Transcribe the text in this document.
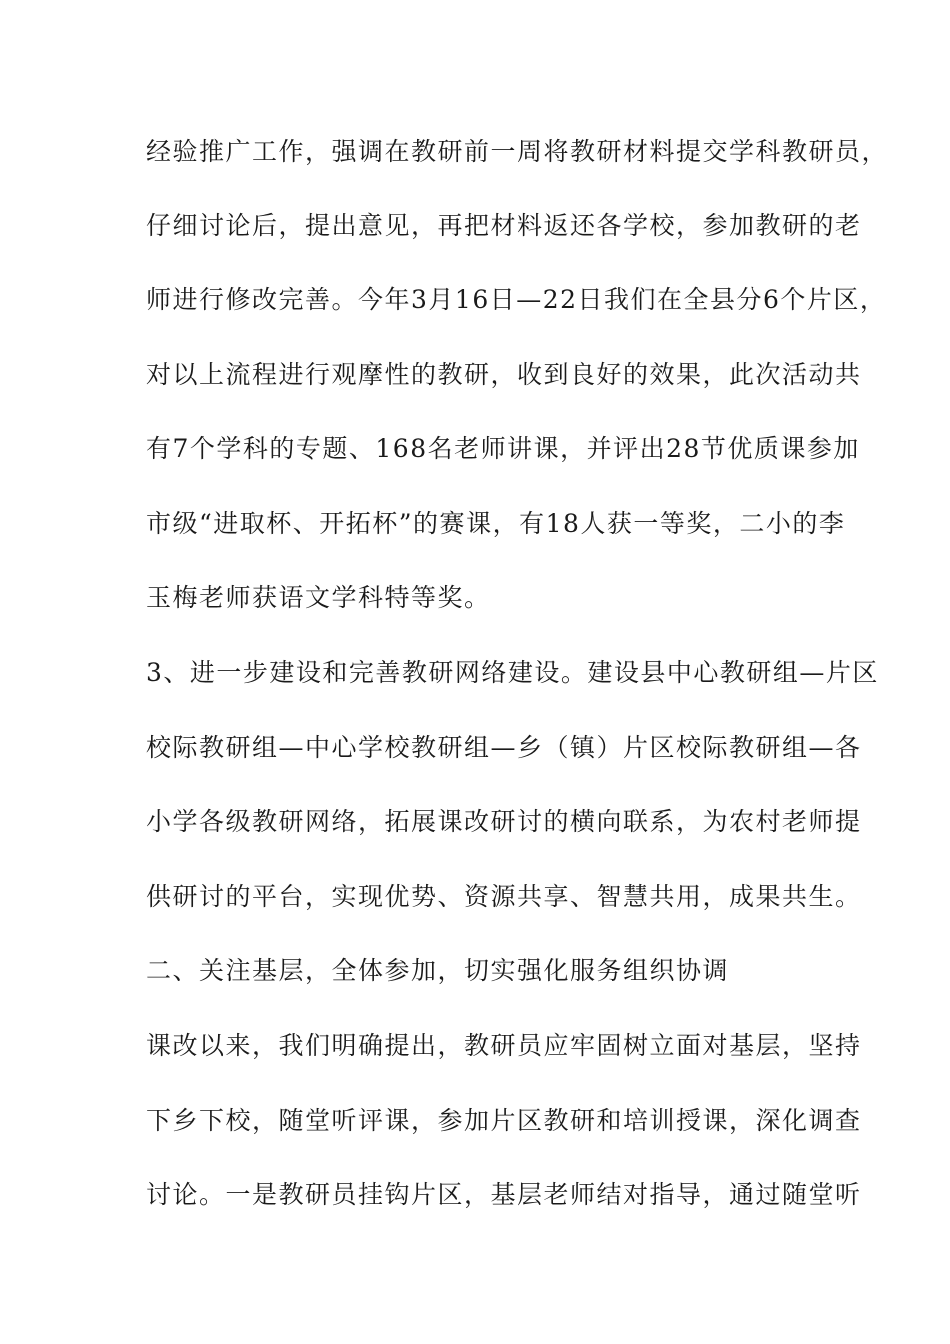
经验推广工作，强调在教研前一周将教研材料提交学科教研员，
仔细讨论后，提出意见，再把材料返还各学校，参加教研的老
师进行修改完善。今年3月16日—22日我们在全县分6个片区，
对以上流程进行观摩性的教研，收到良好的效果，此次活动共
有7个学科的专题、168名老师讲课，并评出28节优质课参加
市级“进取杯、开拓杯”的赛课，有18人获一等奖，二小的李
玉梅老师获语文学科特等奖。
3、进一步建设和完善教研网络建设。建设县中心教研组—片区
校际教研组—中心学校教研组—乡（镇）片区校际教研组—各
小学各级教研网络，拓展课改研讨的横向联系，为农村老师提
供研讨的平台，实现优势、资源共享、智慧共用，成果共生。
二、关注基层，全体参加，切实强化服务组织协调
课改以来，我们明确提出，教研员应牢固树立面对基层，坚持
下乡下校，随堂听评课，参加片区教研和培训授课，深化调查
讨论。一是教研员挂钩片区，基层老师结对指导，通过随堂听
